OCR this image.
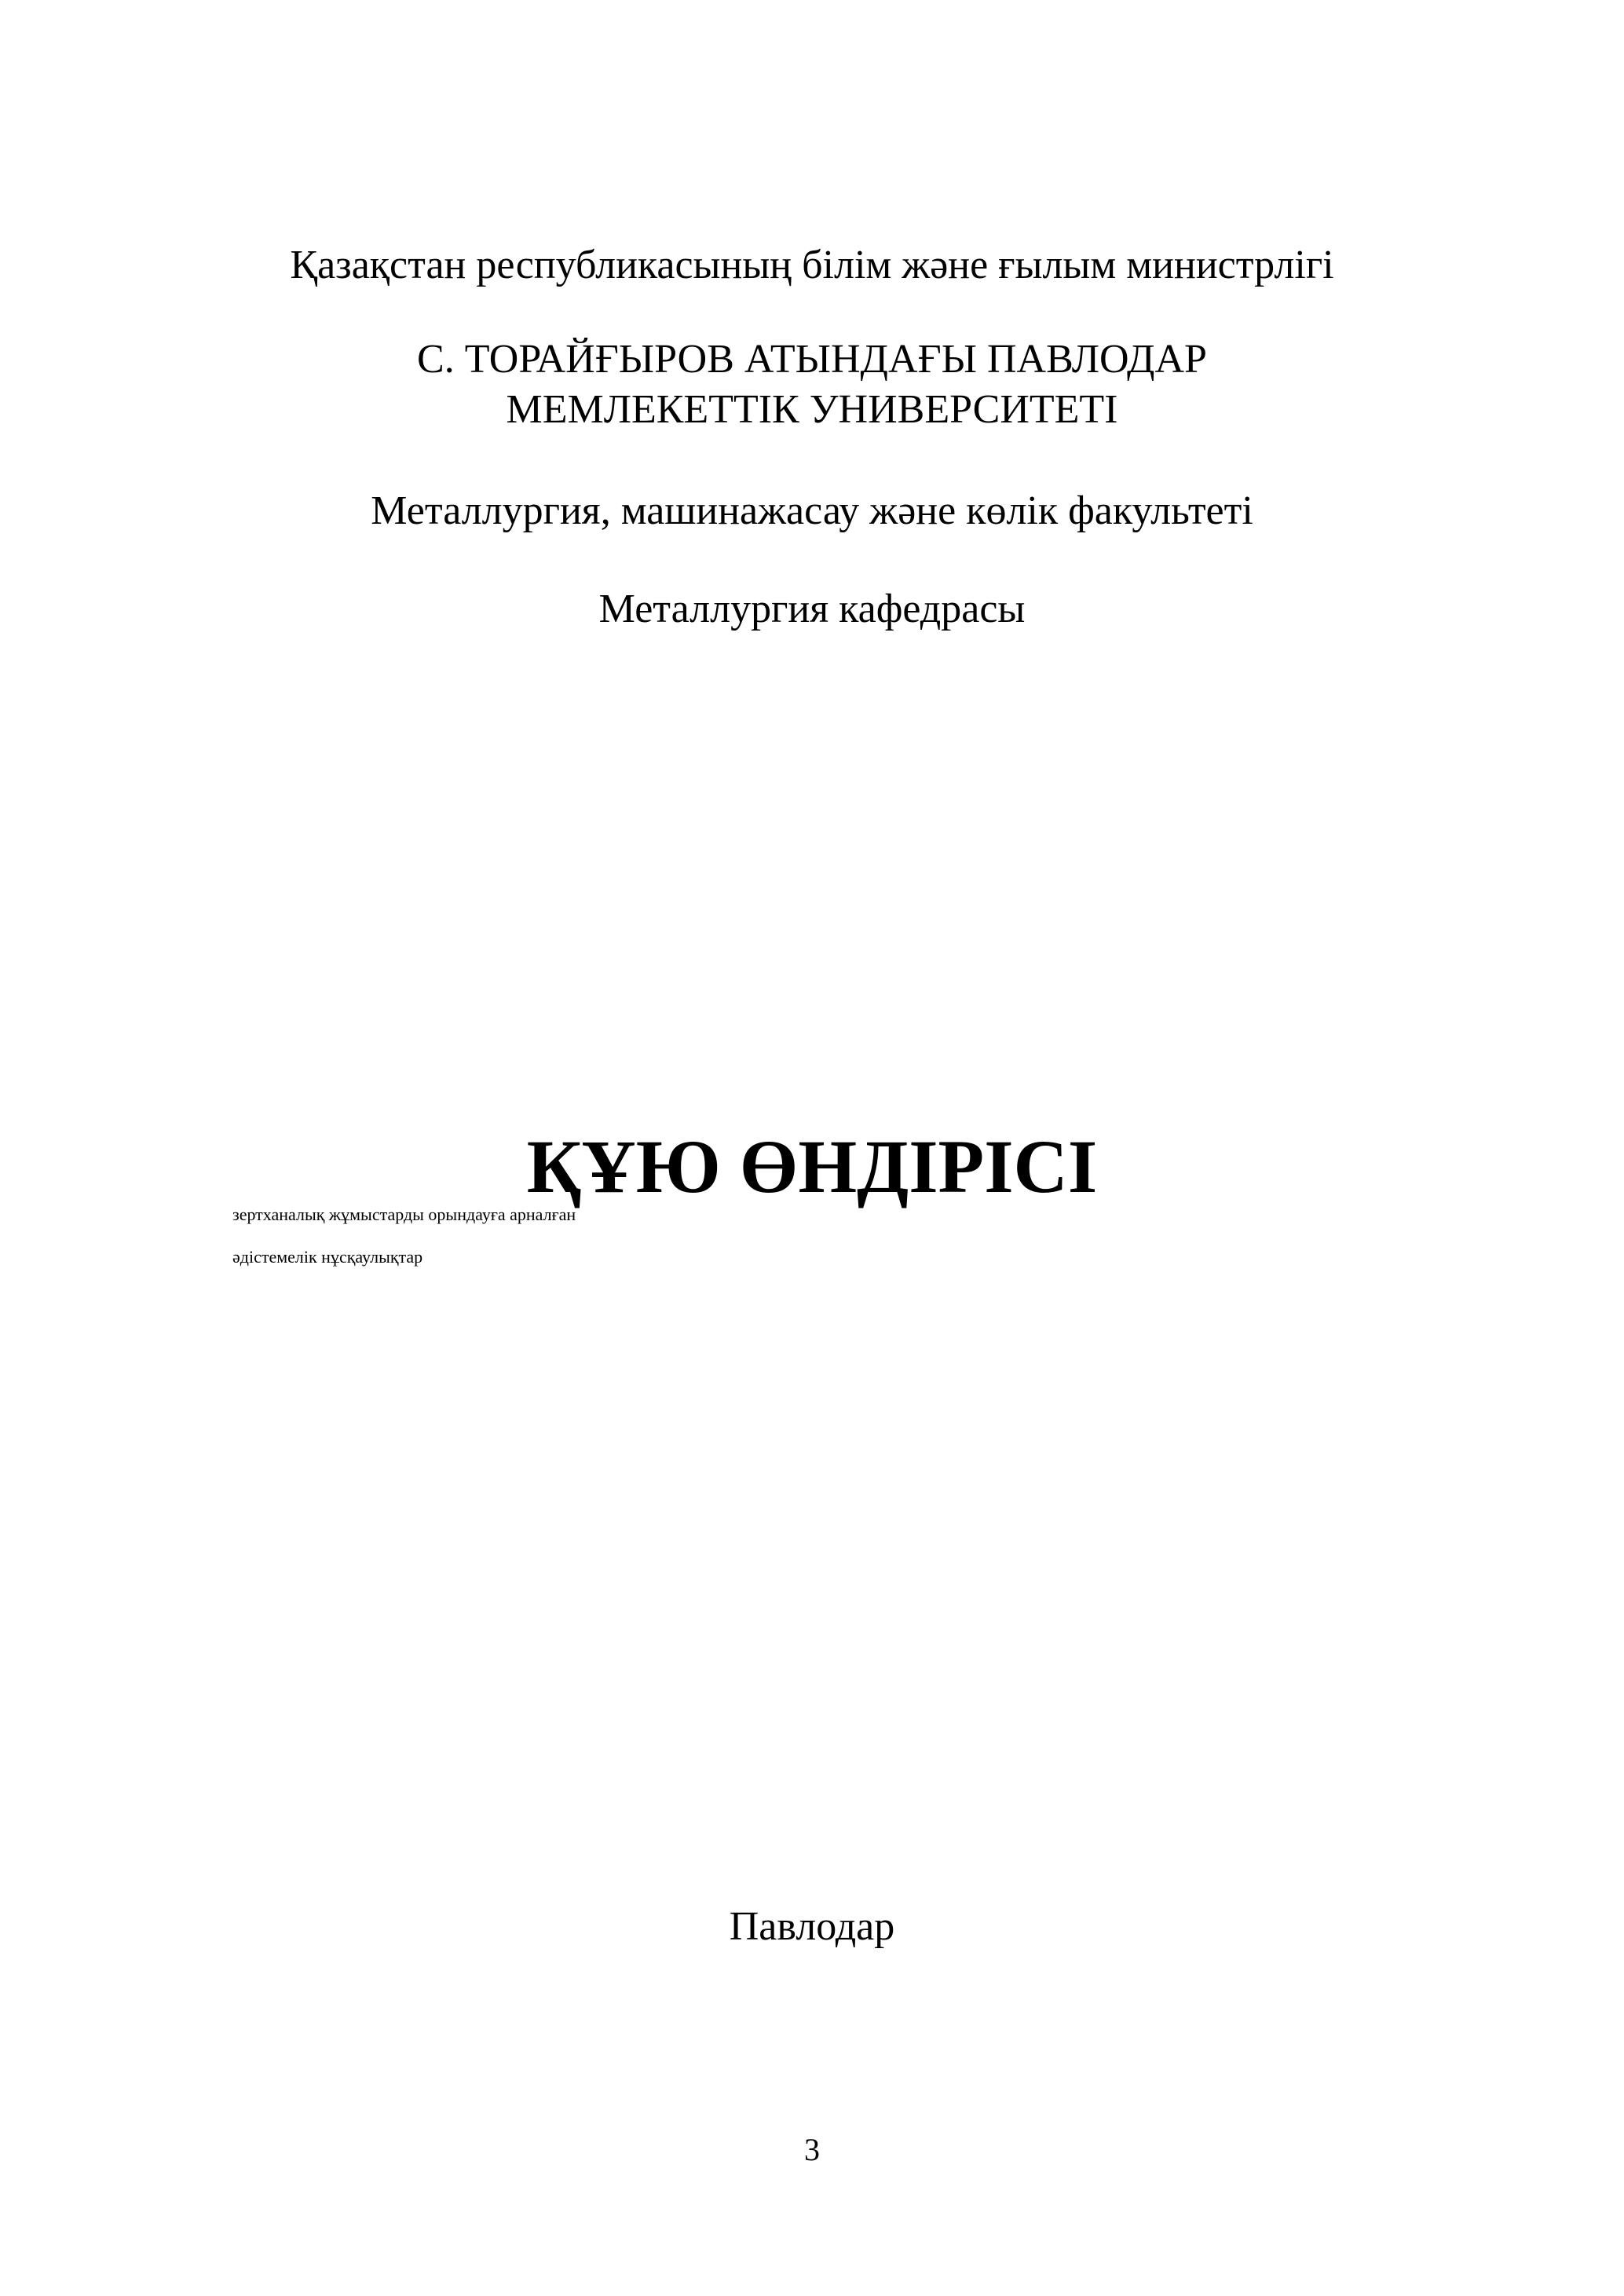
Қазақстан республикасының білім және ғылым министрлігі
С. ТОРАЙҒЫРОВ АТЫНДАҒЫ ПАВЛОДАР
МЕМЛЕКЕТТІК УНИВЕРСИТЕТІ
Металлургия, машинажасау және көлік факультеті
Металлургия кафедрасы
ҚҰЮ ӨНДІРІСІ
зертханалық жұмыстарды орындауға арналған
әдістемелік нұсқаулықтар
Павлодар
3
